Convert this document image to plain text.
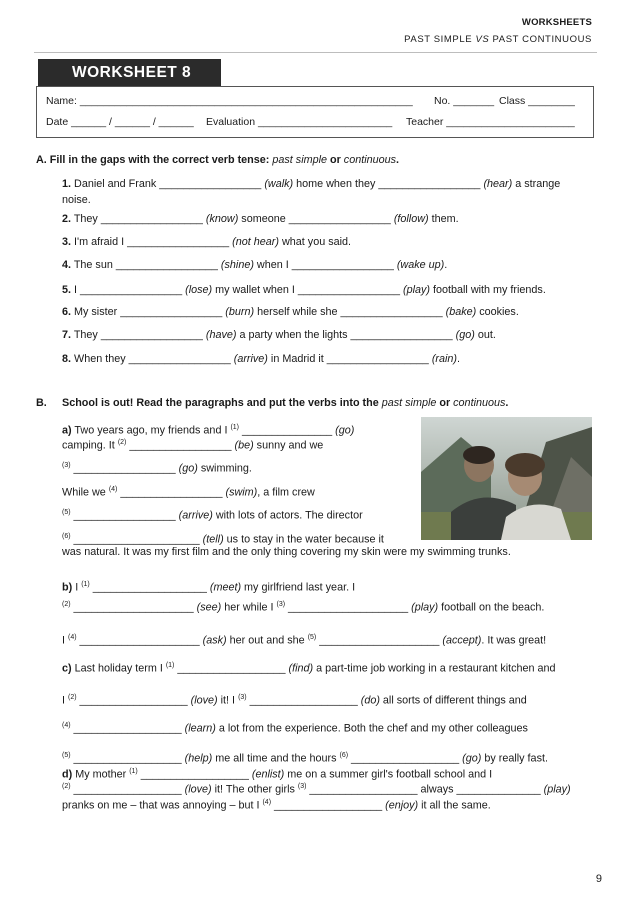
WORKSHEETS
PAST SIMPLE VS PAST CONTINUOUS
WORKSHEET 8
Name: _________________________________________________________ No. _______ Class ________
Date ______ / ______ / ______ Evaluation _______________________ Teacher ______________________
A. Fill in the gaps with the correct verb tense: past simple or continuous.
1. Daniel and Frank _________________ (walk) home when they _________________ (hear) a strange
noise.
2. They _________________ (know) someone _________________ (follow) them.
3. I'm afraid I _________________ (not hear) what you said.
4. The sun _________________ (shine) when I _________________ (wake up).
5. I _________________ (lose) my wallet when I _________________ (play) football with my friends.
6. My sister _________________ (burn) herself while she _________________ (bake) cookies.
7. They _________________ (have) a party when the lights _________________ (go) out.
8. When they _________________ (arrive) in Madrid it _________________ (rain).
B. School is out! Read the paragraphs and put the verbs into the past simple or continuous.
a) Two years ago, my friends and I $^{(1)}$ _______________ (go)
camping. It $^{(2)}$ _________________ (be) sunny and we
$^{(3)}$ _________________ (go) swimming.
While we $^{(4)}$ _________________ (swim), a film crew
$^{(5)}$ _________________ (arrive) with lots of actors. The director
$^{(6)}$ _____________________ (tell) us to stay in the water because it
was natural. It was my first film and the only thing covering my skin were my swimming trunks.
b) I $^{(1)}$ ___________________ (meet) my girlfriend last year. I
$^{(2)}$ ____________________ (see) her while I $^{(3)}$ ____________________ (play) football on the beach.
I $^{(4)}$ ____________________ (ask) her out and she $^{(5)}$ ____________________ (accept). It was great!
c) Last holiday term I $^{(1)}$ __________________ (find) a part-time job working in a restaurant kitchen and
I $^{(2)}$ __________________ (love) it! I $^{(3)}$ __________________ (do) all sorts of different things and
$^{(4)}$ __________________ (learn) a lot from the experience. Both the chef and my other colleagues
$^{(5)}$ __________________ (help) me all time and the hours $^{(6)}$ __________________ (go) by really fast.
d) My mother $^{(1)}$ __________________ (enlist) me on a summer girl's football school and I
$^{(2)}$ __________________ (love) it! The other girls $^{(3)}$ __________________ always ______________ (play)
pranks on me – that was annoying – but I $^{(4)}$ __________________ (enjoy) it all the same.
9
